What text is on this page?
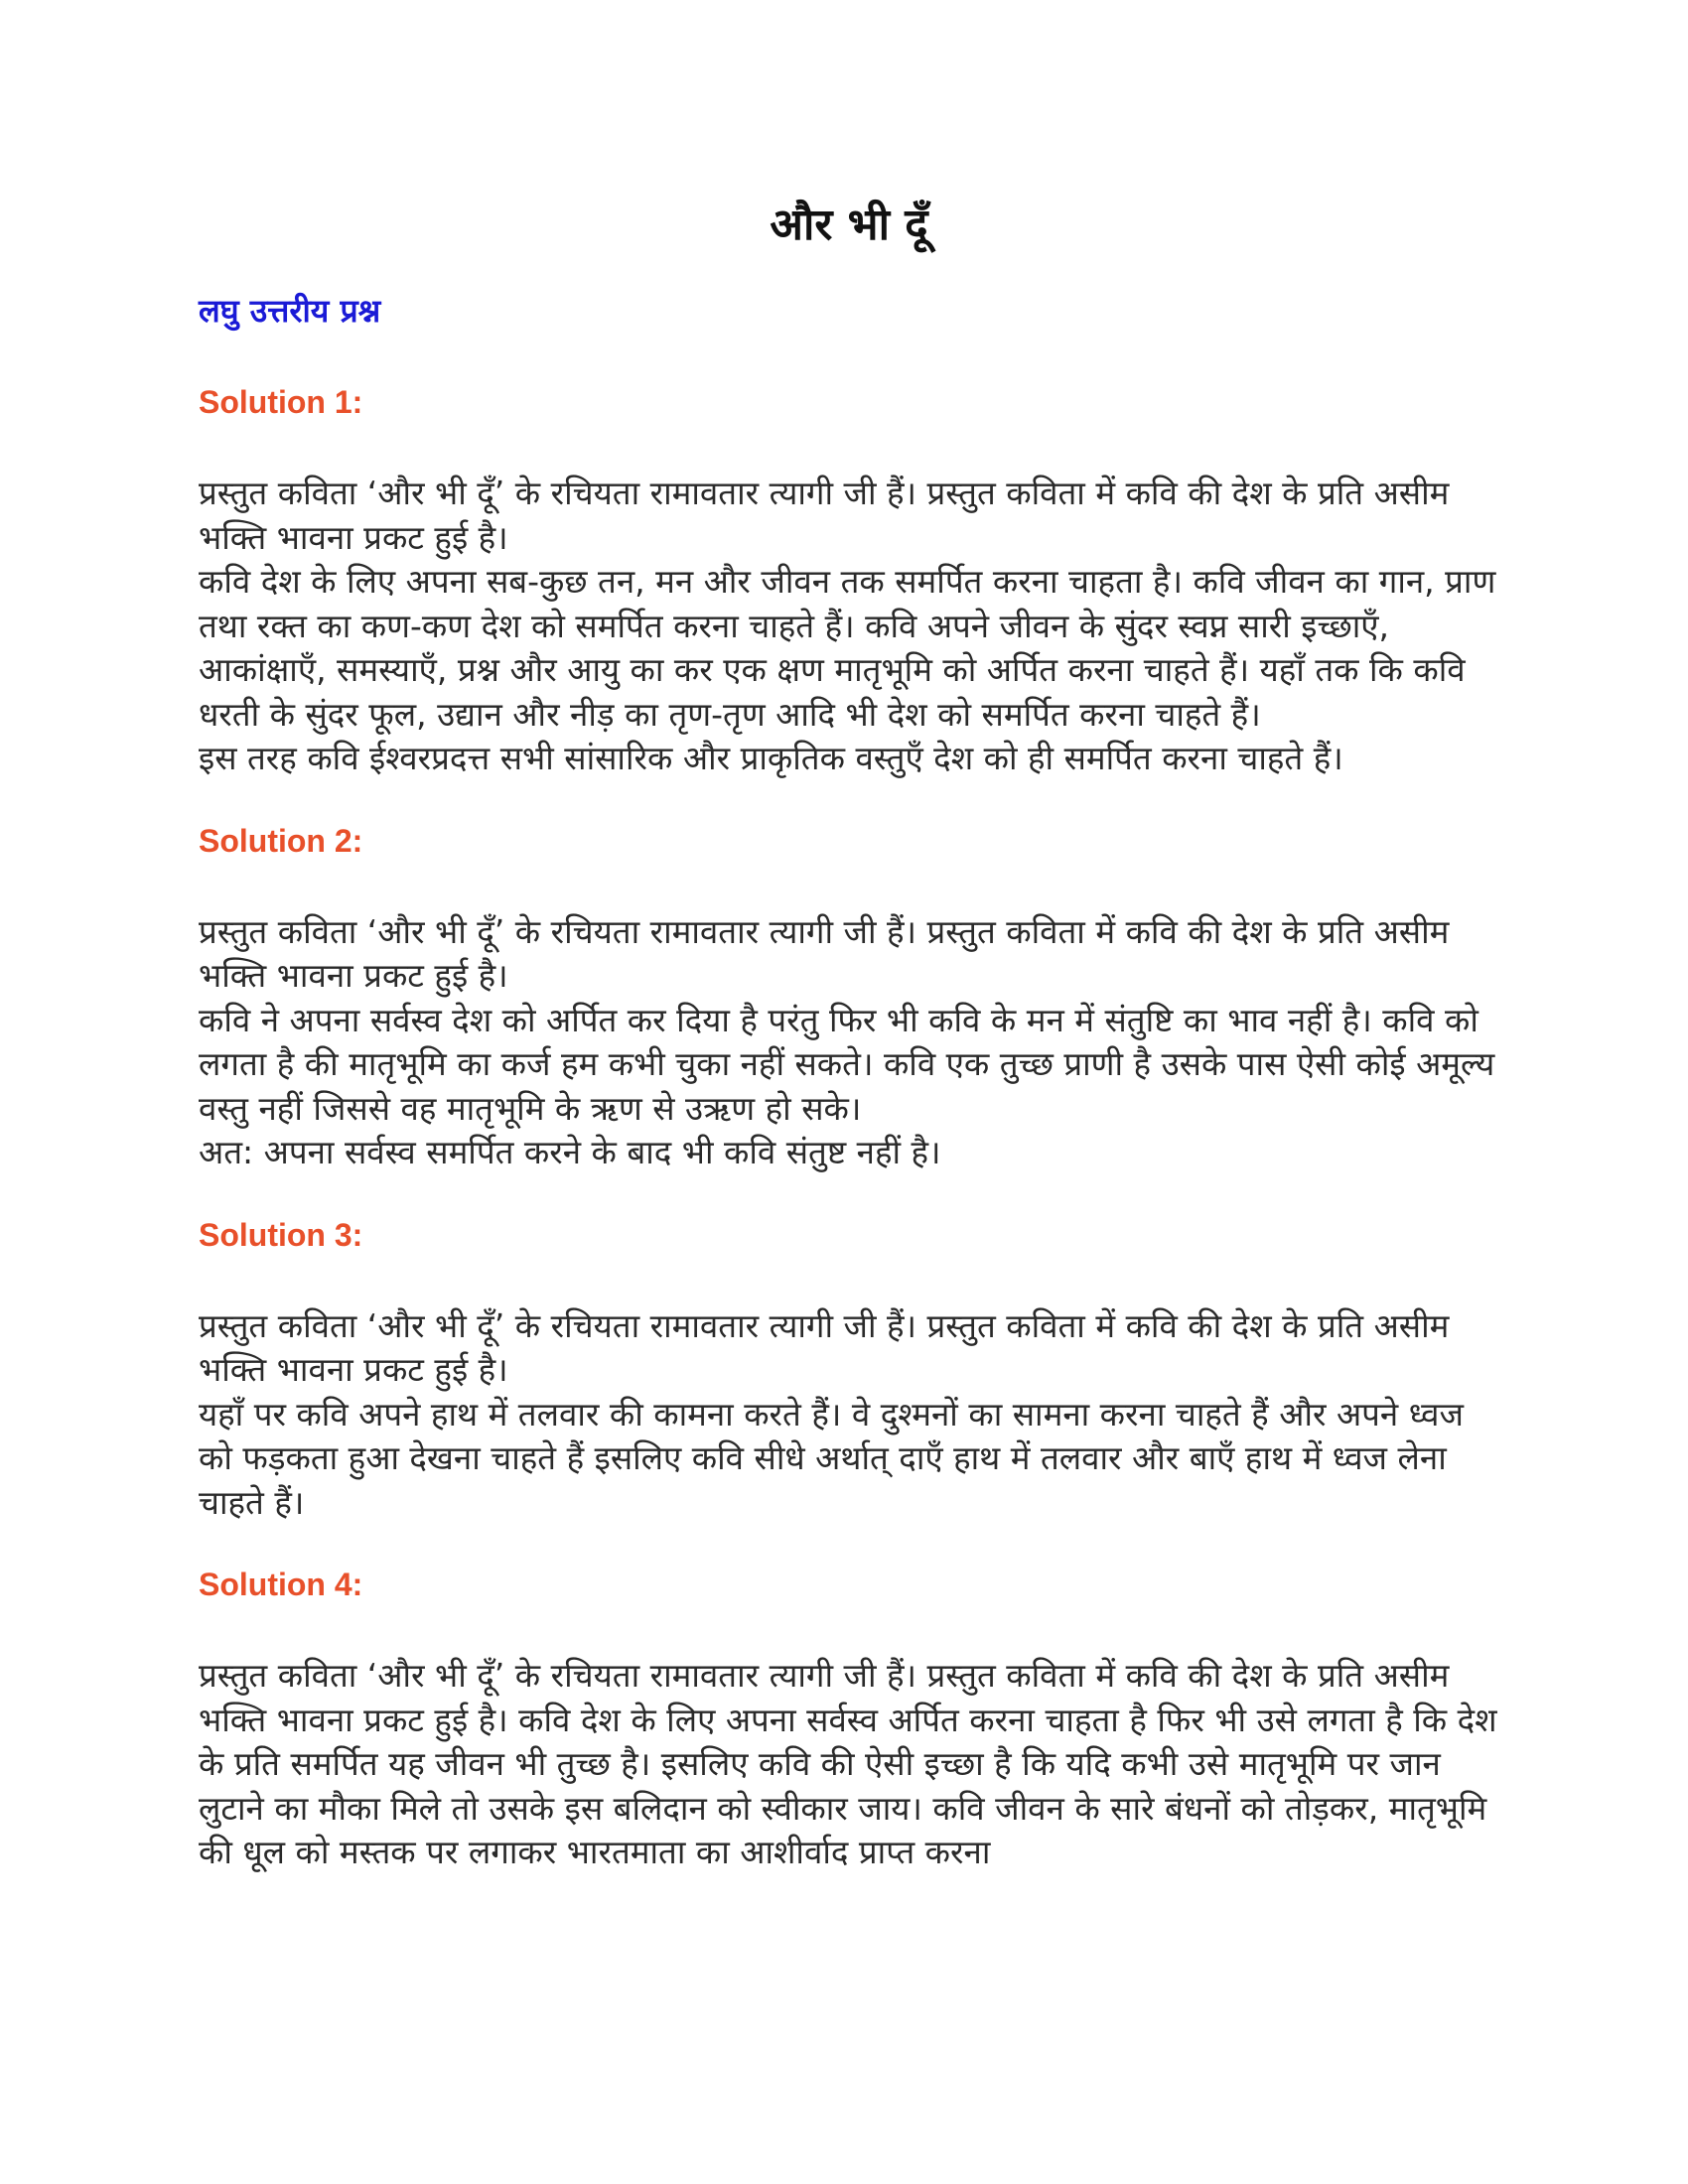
और भी दूँ
लघु उत्तरीय प्रश्न
Solution 1:

प्रस्तुत कविता ‘और भी दूँ’ के रचियता रामावतार त्यागी जी हैं। प्रस्तुत कविता में कवि की देश के प्रति असीम भक्ति भावना प्रकट हुई है।

कवि देश के लिए अपना सब-कुछ तन, मन और जीवन तक समर्पित करना चाहता है। कवि जीवन का गान, प्राण तथा रक्त का कण-कण देश को समर्पित करना चाहते हैं। कवि अपने जीवन के सुंदर स्वप्न सारी इच्छाएँ, आकांक्षाएँ, समस्याएँ, प्रश्न और आयु का कर एक क्षण मातृभूमि को अर्पित करना चाहते हैं। यहाँ तक कि कवि धरती के सुंदर फूल, उद्यान और नीड़ का तृण-तृण आदि भी देश को समर्पित करना चाहते हैं।

इस तरह कवि ईश्वरप्रदत्त सभी सांसारिक और प्राकृतिक वस्तुएँ देश को ही समर्पित करना चाहते हैं।

Solution 2:

प्रस्तुत कविता ‘और भी दूँ’ के रचियता रामावतार त्यागी जी हैं। प्रस्तुत कविता में कवि की देश के प्रति असीम भक्ति भावना प्रकट हुई है।

कवि ने अपना सर्वस्व देश को अर्पित कर दिया है परंतु फिर भी कवि के मन में संतुष्टि का भाव नहीं है। कवि को लगता है की मातृभूमि का कर्ज हम कभी चुका नहीं सकते। कवि एक तुच्छ प्राणी है उसके पास ऐसी कोई अमूल्य वस्तु नहीं जिससे वह मातृभूमि के ऋण से उऋण हो सके।

अत: अपना सर्वस्व समर्पित करने के बाद भी कवि संतुष्ट नहीं है।

Solution 3:

प्रस्तुत कविता ‘और भी दूँ’ के रचियता रामावतार त्यागी जी हैं। प्रस्तुत कविता में कवि की देश के प्रति असीम भक्ति भावना प्रकट हुई है।

यहाँ पर कवि अपने हाथ में तलवार की कामना करते हैं। वे दुश्मनों का सामना करना चाहते हैं और अपने ध्वज को फड़कता हुआ देखना चाहते हैं इसलिए कवि सीधे अर्थात् दाएँ हाथ में तलवार और बाएँ हाथ में ध्वज लेना चाहते हैं।

Solution 4:

प्रस्तुत कविता ‘और भी दूँ’ के रचियता रामावतार त्यागी जी हैं। प्रस्तुत कविता में कवि की देश के प्रति असीम भक्ति भावना प्रकट हुई है। कवि देश के लिए अपना सर्वस्व अर्पित करना चाहता है फिर भी उसे लगता है कि देश के प्रति समर्पित यह जीवन भी तुच्छ है। इसलिए कवि की ऐसी इच्छा है कि यदि कभी उसे मातृभूमि पर जान लुटाने का मौका मिले तो उसके इस बलिदान को स्वीकार जाय। कवि जीवन के सारे बंधनों को तोड़कर, मातृभूमि की धूल को मस्तक पर लगाकर भारतमाता का आशीर्वाद प्राप्त करना
